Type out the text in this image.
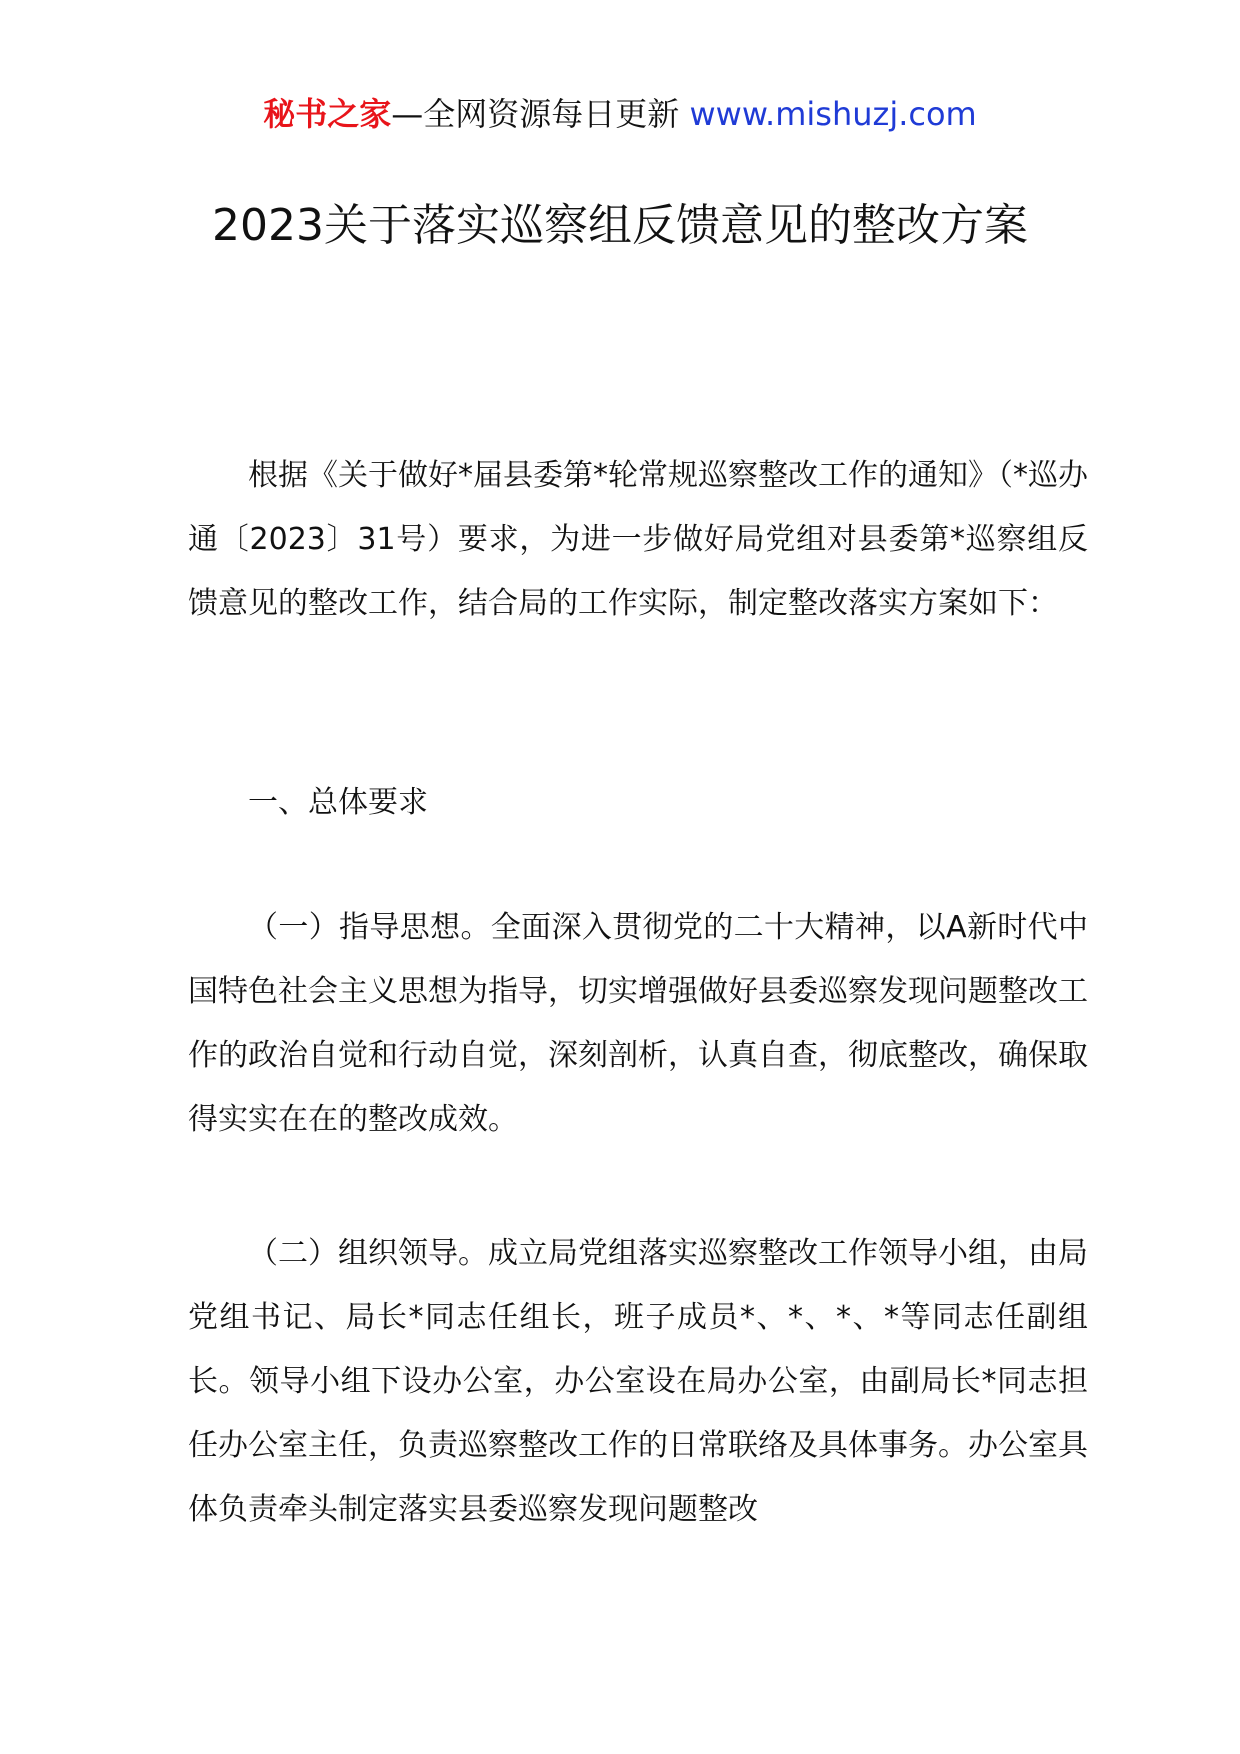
秘书之家—全网资源每日更新 www.mishuzj.com
2023关于落实巡察组反馈意见的整改方案

根据《关于做好*届县委第*轮常规巡察整改工作的通知》（*巡办通〔2023〕31号）要求，为进一步做好局党组对县委第*巡察组反馈意见的整改工作，结合局的工作实际，制定整改落实方案如下：

一、总体要求

（一）指导思想。全面深入贯彻党的二十大精神，以A新时代中国特色社会主义思想为指导，切实增强做好县委巡察发现问题整改工作的政治自觉和行动自觉，深刻剖析，认真自查，彻底整改，确保取得实实在在的整改成效。

（二）组织领导。成立局党组落实巡察整改工作领导小组，由局党组书记、局长*同志任组长，班子成员*、*、*、*等同志任副组长。领导小组下设办公室，办公室设在局办公室，由副局长*同志担任办公室主任，负责巡察整改工作的日常联络及具体事务。办公室具体负责牵头制定落实县委巡察发现问题整改
